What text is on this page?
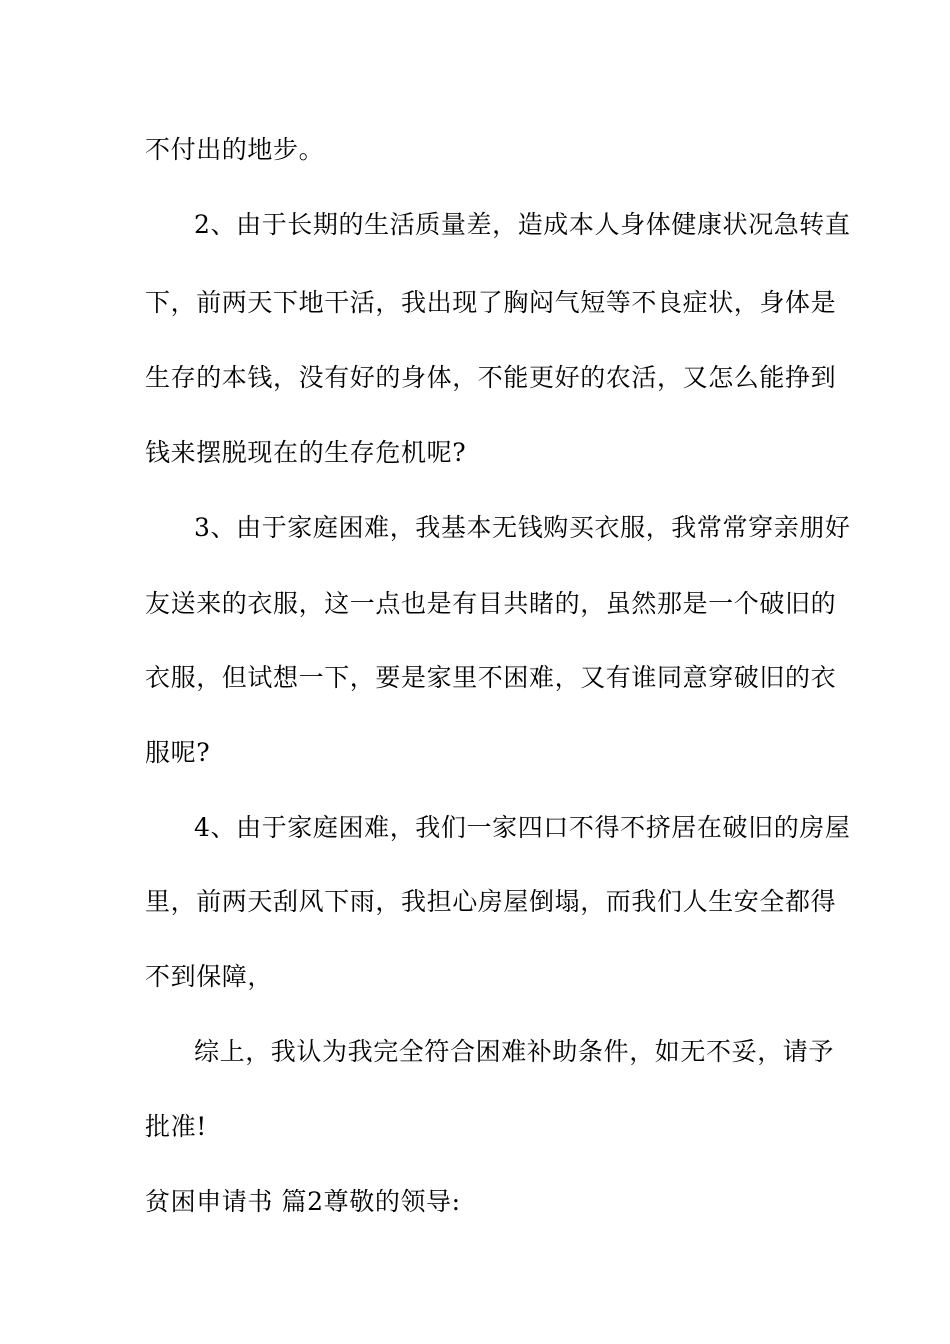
不付出的地步。
2、由于长期的生活质量差，造成本人身体健康状况急转直
下，前两天下地干活，我出现了胸闷气短等不良症状，身体是
生存的本钱，没有好的身体，不能更好的农活，又怎么能挣到
钱来摆脱现在的生存危机呢?
3、由于家庭困难，我基本无钱购买衣服，我常常穿亲朋好
友送来的衣服，这一点也是有目共睹的，虽然那是一个破旧的
衣服，但试想一下，要是家里不困难，又有谁同意穿破旧的衣
服呢?
4、由于家庭困难，我们一家四口不得不挤居在破旧的房屋
里，前两天刮风下雨，我担心房屋倒塌，而我们人生安全都得
不到保障，
综上，我认为我完全符合困难补助条件，如无不妥，请予
批准!
贫困申请书 篇2尊敬的领导:
